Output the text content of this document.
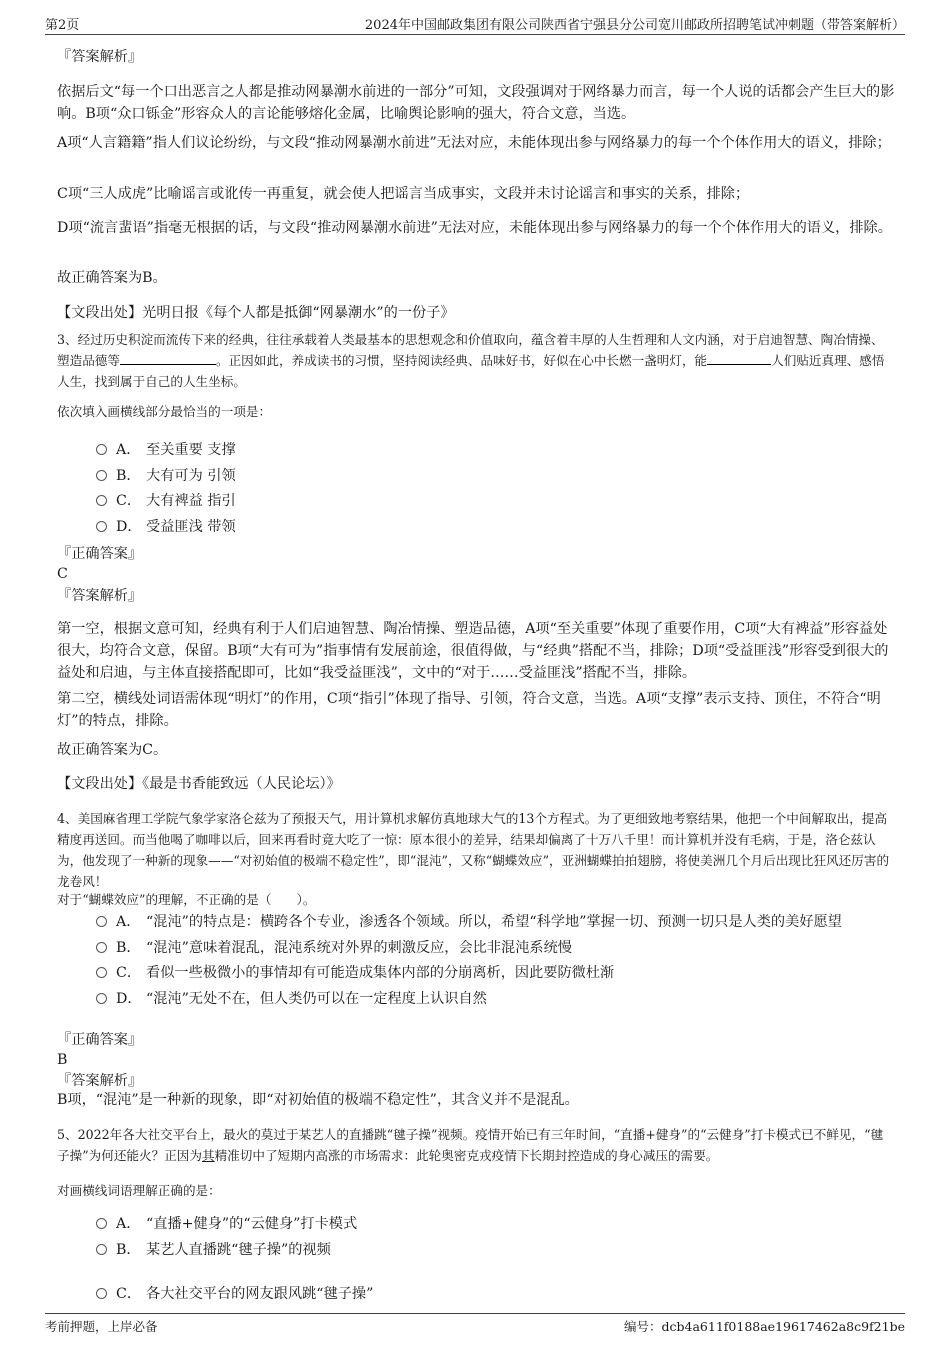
第2页	2024年中国邮政集团有限公司陕西省宁强县分公司宽川邮政所招聘笔试冲刺题（带答案解析）
『答案解析』
依据后文“每一个口出恶言之人都是推动网暴潮水前进的一部分”可知，文段强调对于网络暴力而言，每一个人说的话都会产生巨大的影响。B项“众口铄金”形容众人的言论能够熔化金属，比喻舆论影响的强大，符合文意，当选。
A项“人言籍籍”指人们议论纷纷，与文段“推动网暴潮水前进”无法对应，未能体现出参与网络暴力的每一个个体作用大的语义，排除；
C项“三人成虎”比喻谣言或讹传一再重复，就会使人把谣言当成事实，文段并未讨论谣言和事实的关系，排除；
D项“流言蜚语”指毫无根据的话，与文段“推动网暴潮水前进”无法对应，未能体现出参与网络暴力的每一个个体作用大的语义，排除。
故正确答案为B。
【文段出处】光明日报《每个人都是抵御“网暴潮水”的一份子》
3、经过历史积淀而流传下来的经典，往往承载着人类最基本的思想观念和价值取向，蕴含着丰厚的人生哲理和人文内涵，对于启迪智慧、陶冶情操、塑造品德等	。正因如此，养成读书的习惯，坚持阅读经典、品味好书，好似在心中长燃一盏明灯，能	人们贴近真理、感悟人生，找到属于自己的人生坐标。
依次填入画横线部分最恰当的一项是：
A． 至关重要 支撑
B． 大有可为 引领
C． 大有裨益 指引
D． 受益匪浅 带领
『正确答案』
C
『答案解析』
第一空，根据文意可知，经典有利于人们启迪智慧、陶冶情操、塑造品德，A项“至关重要”体现了重要作用，C项“大有裨益”形容益处很大，均符合文意，保留。B项“大有可为”指事情有发展前途，很值得做，与“经典”搭配不当，排除；D项“受益匪浅”形容受到很大的益处和启迪，与主体直接搭配即可，比如“我受益匪浅”，文中的“对于……受益匪浅”搭配不当，排除。
第二空，横线处词语需体现“明灯”的作用，C项“指引”体现了指导、引领，符合文意，当选。A项“支撑”表示支持、顶住，不符合“明灯”的特点，排除。
故正确答案为C。
【文段出处】《最是书香能致远（人民论坛）》
4、美国麻省理工学院气象学家洛仑兹为了预报天气，用计算机求解仿真地球大气的13个方程式。为了更细致地考察结果，他把一个中间解取出，提高精度再送回。而当他喝了咖啡以后，回来再看时竟大吃了一惊：原本很小的差异，结果却偏离了十万八千里！而计算机并没有毛病，于是，洛仑兹认为，他发现了一种新的现象——“对初始值的极端不稳定性”，即“混沌”，又称“蝴蝶效应”，亚洲蝴蝶拍拍翅膀，将使美洲几个月后出现比狂风还厉害的龙卷风！
对于“蝴蝶效应”的理解，不正确的是（　　）。
A． “混沌”的特点是：横跨各个专业，渗透各个领域。所以，希望“科学地”掌握一切、预测一切只是人类的美好愿望
B． “混沌”意味着混乱，混沌系统对外界的刺激反应，会比非混沌系统慢
C． 看似一些极微小的事情却有可能造成集体内部的分崩离析，因此要防微杜渐
D． “混沌”无处不在，但人类仍可以在一定程度上认识自然
『正确答案』
B
『答案解析』
B项，“混沌”是一种新的现象，即“对初始值的极端不稳定性”，其含义并不是混乱。
5、2022年各大社交平台上，最火的莫过于某艺人的直播跳“毽子操”视频。疫情开始已有三年时间，“直播+健身”的“云健身”打卡模式已不鲜见，“毽子操”为何还能火？正因为其精准切中了短期内高涨的市场需求：此轮奥密克戎疫情下长期封控造成的身心减压的需要。
对画横线词语理解正确的是：
A． “直播+健身”的“云健身”打卡模式
B． 某艺人直播跳“毽子操”的视频
C． 各大社交平台的网友跟风跳“毽子操”
考前押题，上岸必备	编号：dcb4a611f0188ae19617462a8c9f21be
